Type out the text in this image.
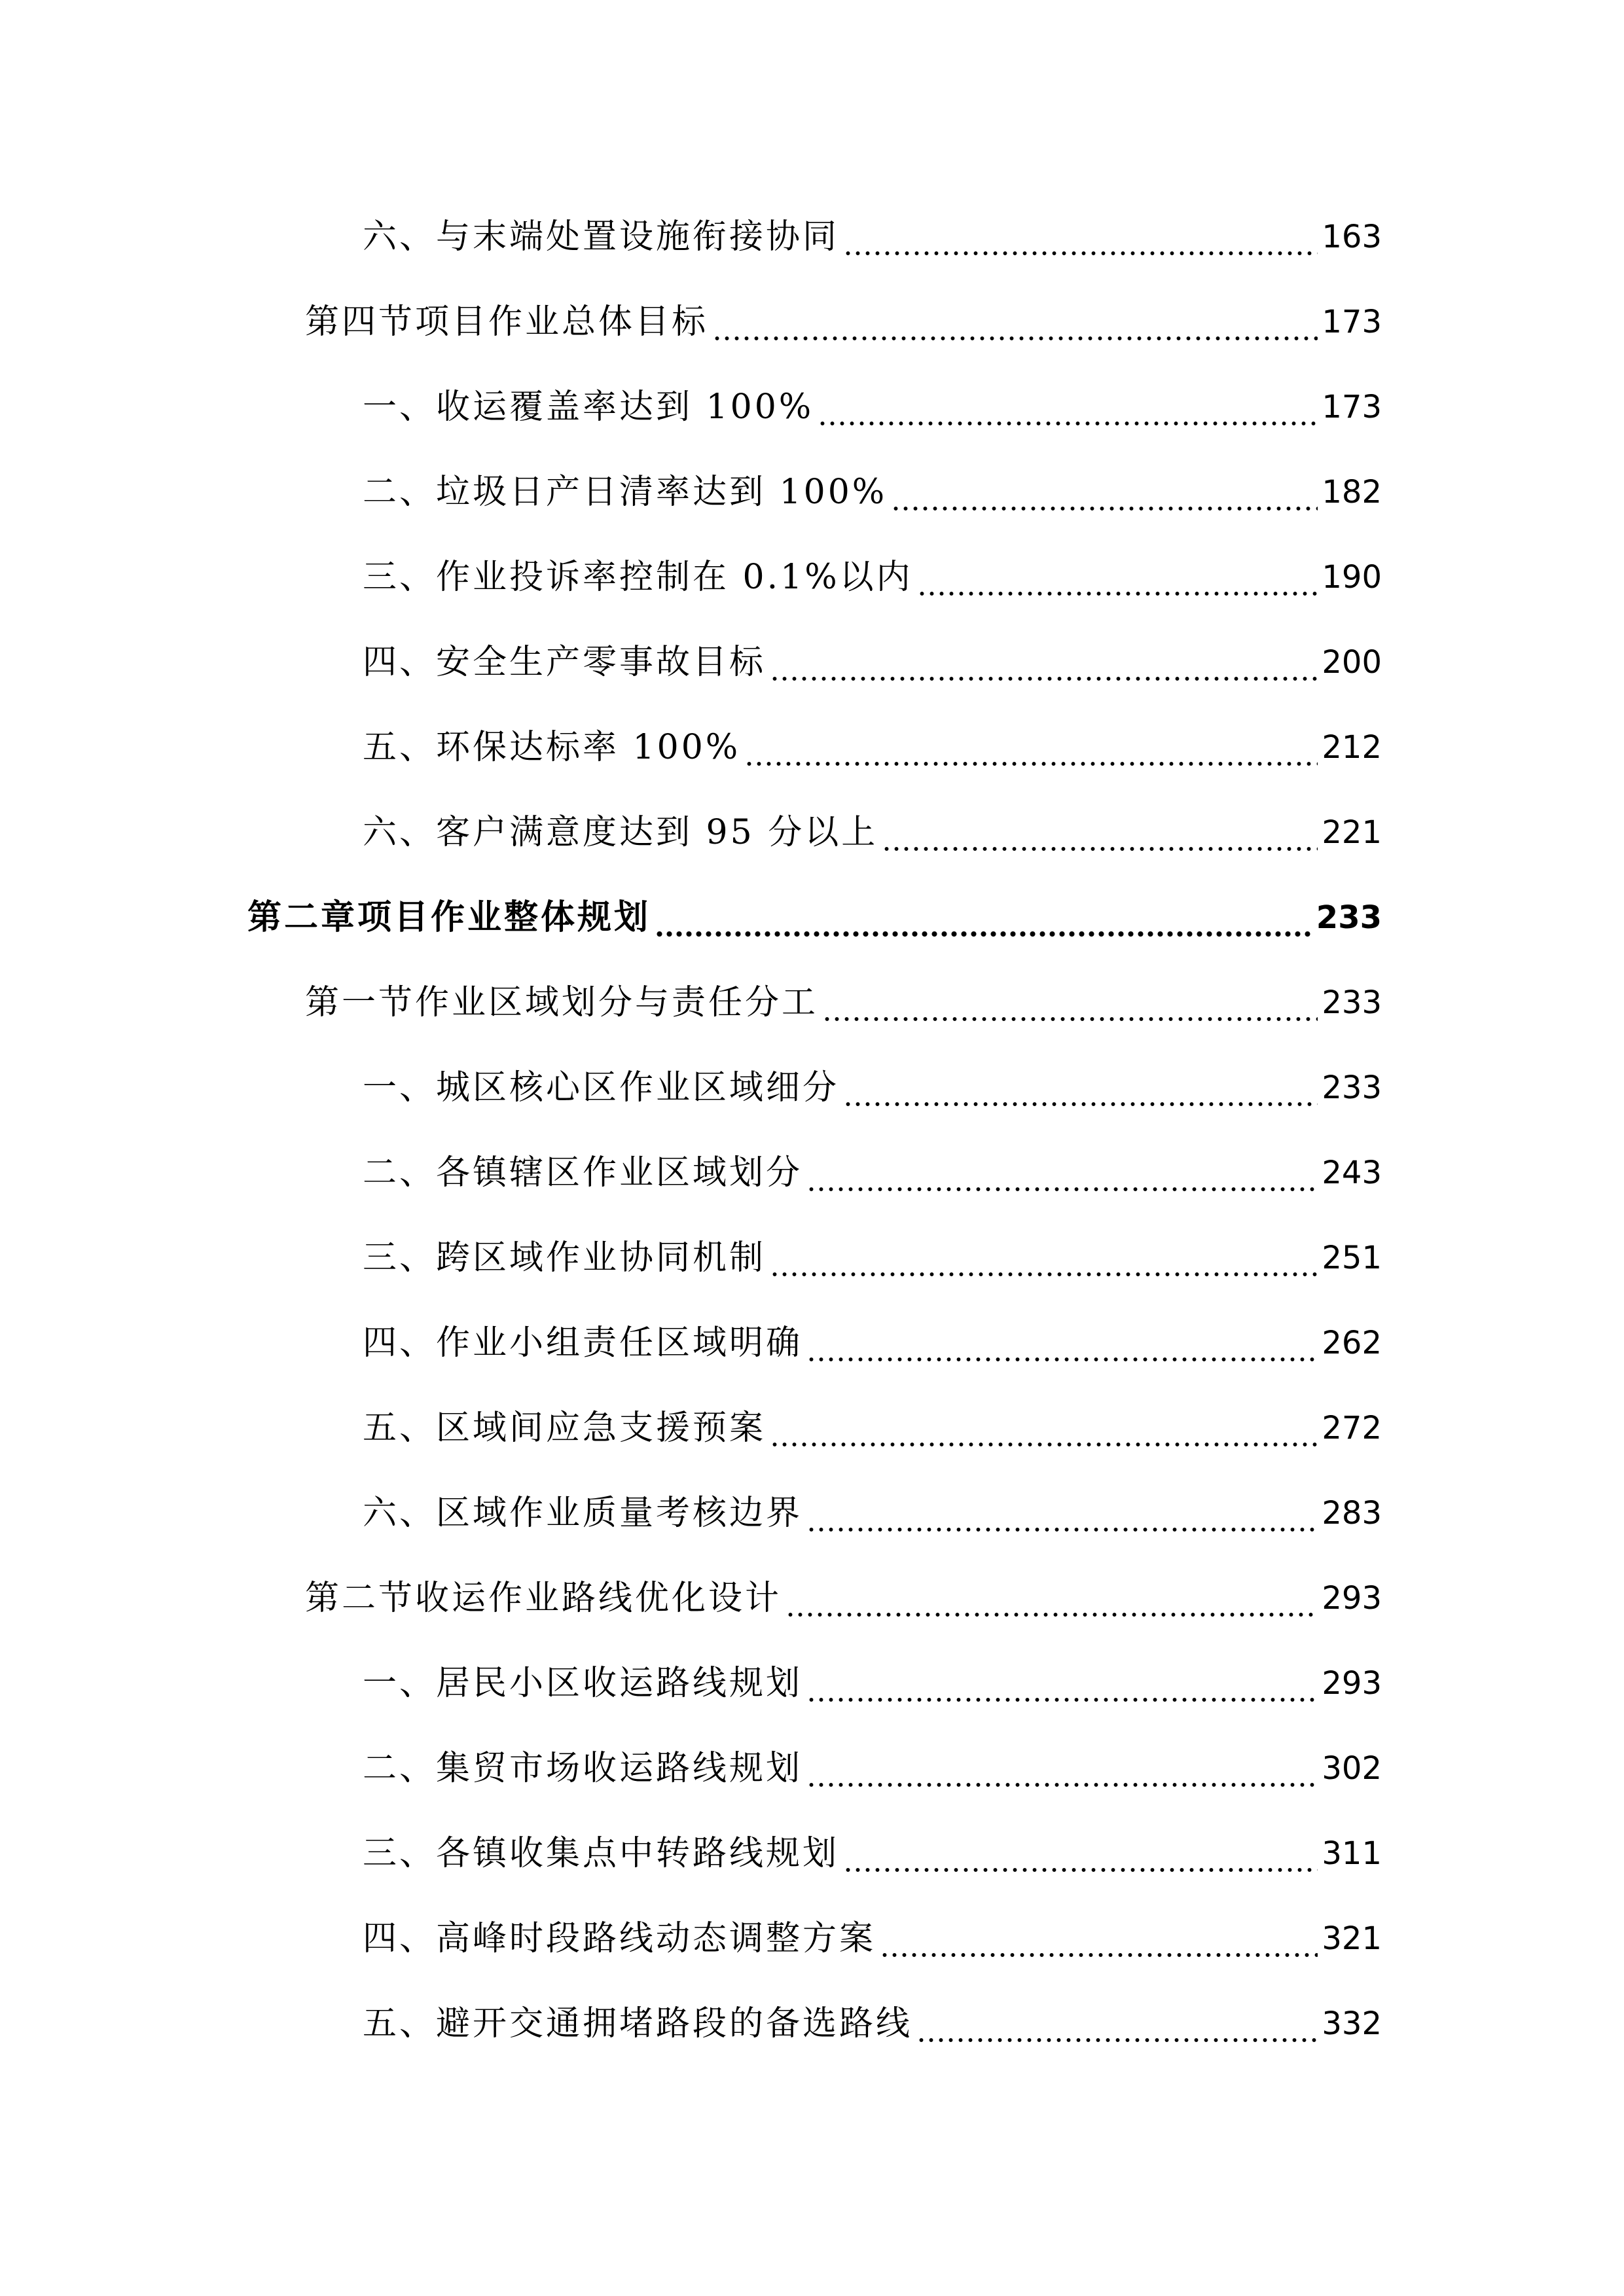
六、与末端处置设施衔接协同	163
第四节项目作业总体目标	173
一、收运覆盖率达到 100%	173
二、垃圾日产日清率达到 100%	182
三、作业投诉率控制在 0.1%以内	190
四、安全生产零事故目标	200
五、环保达标率 100%	212
六、客户满意度达到 95 分以上	221
第二章项目作业整体规划	233
第一节作业区域划分与责任分工	233
一、城区核心区作业区域细分	233
二、各镇辖区作业区域划分	243
三、跨区域作业协同机制	251
四、作业小组责任区域明确	262
五、区域间应急支援预案	272
六、区域作业质量考核边界	283
第二节收运作业路线优化设计	293
一、居民小区收运路线规划	293
二、集贸市场收运路线规划	302
三、各镇收集点中转路线规划	311
四、高峰时段路线动态调整方案	321
五、避开交通拥堵路段的备选路线	332
